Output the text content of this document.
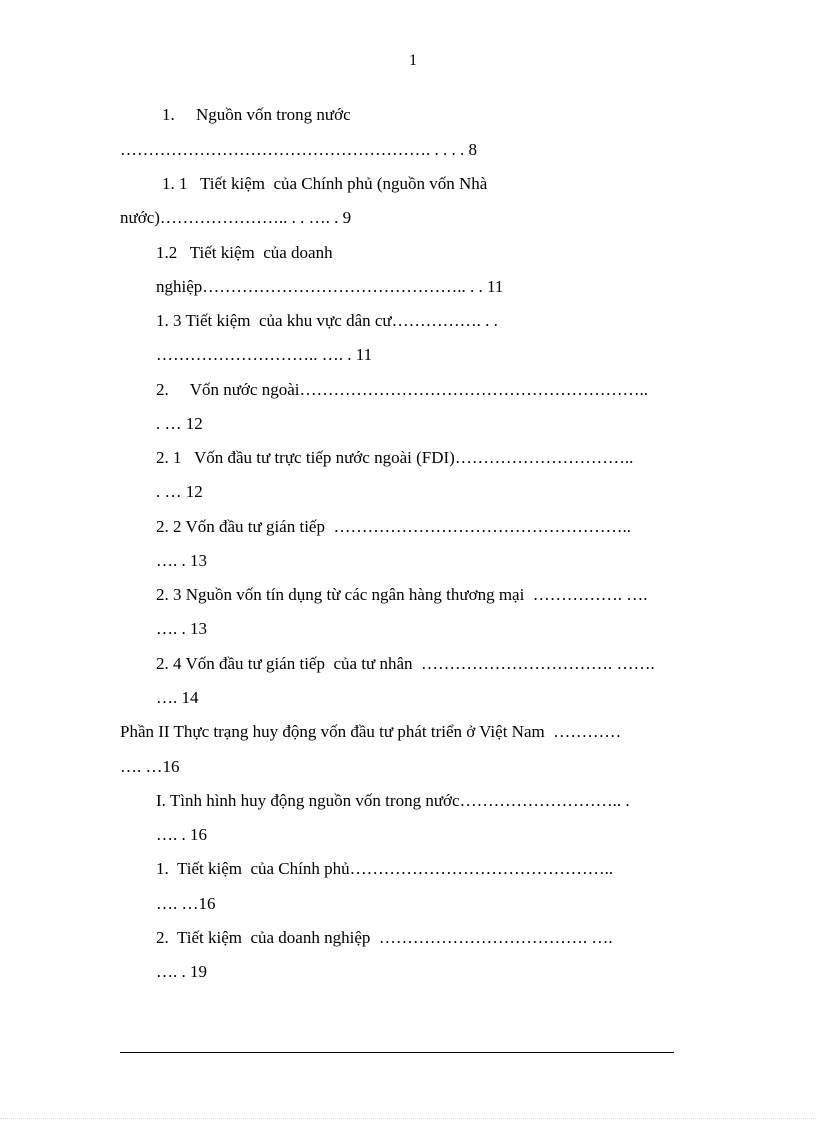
1
1.     Nguồn vốn trong nước
………………………………………………. . . . . 8
1. 1   Tiết kiệm  của Chính phủ (nguồn vốn Nhà
nước)………………….. . . …. . 9
1.2   Tiết kiệm  của doanh
nghiệp……………………………………….. . . 11
1. 3 Tiết kiệm  của khu vực dân cư……………. . .
……………………….. …. . 11
2.     Vốn nước ngoài……………………………………………………..
. … 12
2. 1   Vốn đầu tư trực tiếp nước ngoài (FDI)…………………………..
. … 12
2. 2 Vốn đầu tư gián tiếp  ……………………………………………..
…. . 13
2. 3 Nguồn vốn tín dụng từ các ngân hàng thương mại  ……………. ….
…. . 13
2. 4 Vốn đầu tư gián tiếp  của tư nhân  ……………………………. …….
…. 14
Phần II Thực trạng huy động vốn đầu tư phát triển ở Việt Nam  …………
…. …16
I. Tình hình huy động nguồn vốn trong nước……………………….. .
…. . 16
1.  Tiết kiệm  của Chính phủ………………………………………..
…. …16
2.  Tiết kiệm  của doanh nghiệp  ………………………………. ….
…. . 19
